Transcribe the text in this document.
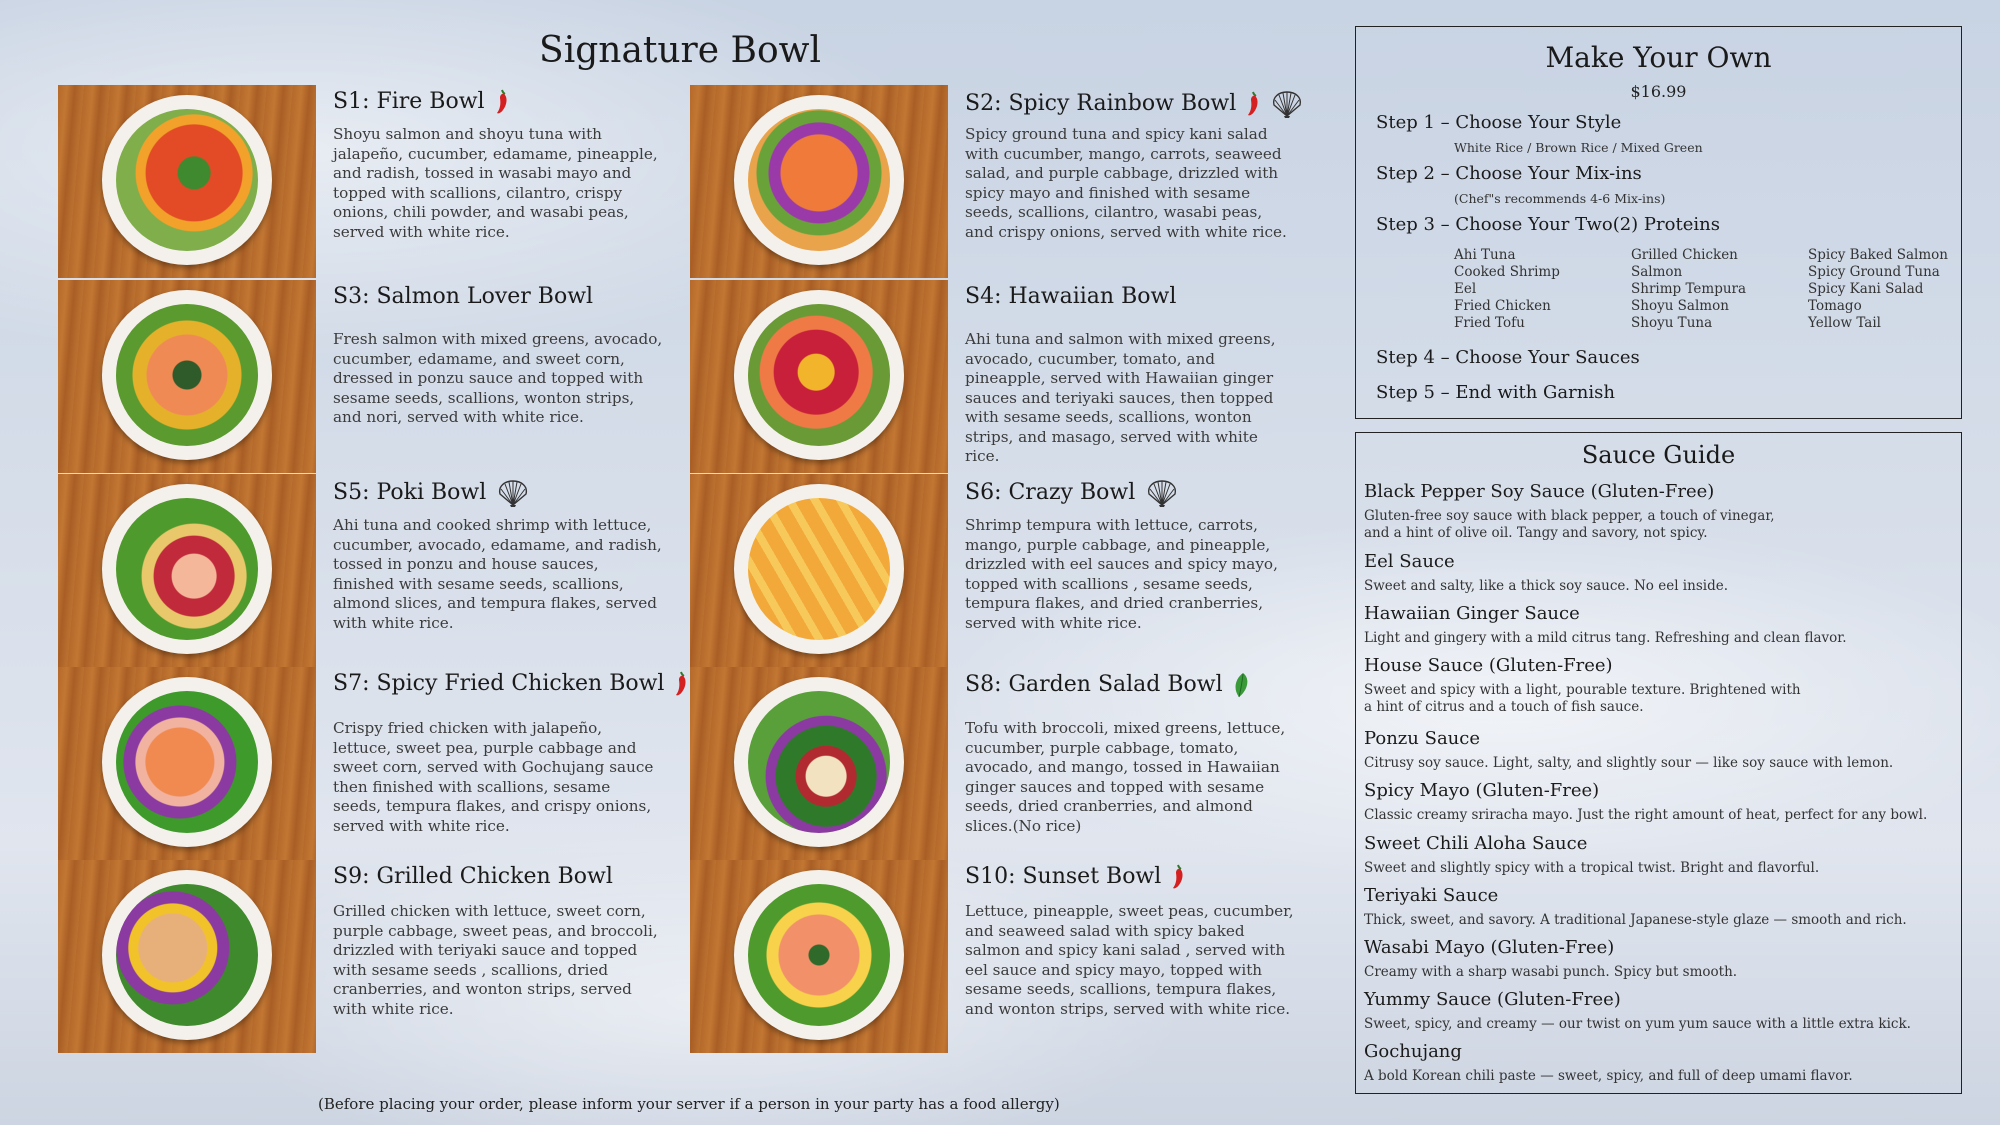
Signature Bowl
S1: Fire Bowl
Shoyu salmon and shoyu tuna with jalapeño, cucumber, edamame, pineapple, and radish, tossed in wasabi mayo and topped with scallions, cilantro, crispy onions, chili powder, and wasabi peas, served with white rice.
S2: Spicy Rainbow Bowl
Spicy ground tuna and spicy kani salad with cucumber, mango, carrots, seaweed salad, and purple cabbage, drizzled with spicy mayo and finished with sesame seeds, scallions, cilantro, wasabi peas, and crispy onions, served with white rice.
S3: Salmon Lover Bowl
Fresh salmon with mixed greens, avocado, cucumber, edamame, and sweet corn, dressed in ponzu sauce and topped with sesame seeds, scallions, wonton strips, and nori, served with white rice.
S4: Hawaiian Bowl
Ahi tuna and salmon with mixed greens, avocado, cucumber, tomato, and pineapple, served with Hawaiian ginger sauces and teriyaki sauces, then topped with sesame seeds, scallions, wonton strips, and masago, served with white rice.
S5: Poki Bowl
Ahi tuna and cooked shrimp with lettuce, cucumber, avocado, edamame, and radish, tossed in ponzu and house sauces, finished with sesame seeds, scallions, almond slices, and tempura flakes, served with white rice.
S6: Crazy Bowl
Shrimp tempura with lettuce, carrots, mango, purple cabbage, and pineapple, drizzled with eel sauces and spicy mayo, topped with scallions , sesame seeds, tempura flakes, and dried cranberries, served with white rice.
S7: Spicy Fried Chicken Bowl
Crispy fried chicken with jalapeño, lettuce, sweet pea, purple cabbage and sweet corn, served with Gochujang sauce then finished with scallions, sesame seeds, tempura flakes, and crispy onions, served with white rice.
S8: Garden Salad Bowl
Tofu with broccoli, mixed greens, lettuce, cucumber, purple cabbage, tomato, avocado, and mango, tossed in Hawaiian ginger sauces and topped with sesame seeds, dried cranberries, and almond slices.(No rice)
S9: Grilled Chicken Bowl
Grilled chicken with lettuce, sweet corn, purple cabbage, sweet peas, and broccoli, drizzled with teriyaki sauce and topped with sesame seeds , scallions, dried cranberries, and wonton strips, served with white rice.
S10: Sunset Bowl
Lettuce, pineapple, sweet peas, cucumber, and seaweed salad with spicy baked salmon and spicy kani salad , served with eel sauce and spicy mayo, topped with sesame seeds, scallions, tempura flakes, and wonton strips, served with white rice.
Make Your Own
$16.99
Step 1 – Choose Your Style
White Rice / Brown Rice / Mixed Green
Step 2 – Choose Your Mix-ins
(Chef"s recommends 4-6 Mix-ins)
Step 3 – Choose Your Two(2) Proteins
Ahi Tuna
Cooked Shrimp
Eel
Fried Chicken
Fried Tofu
Grilled Chicken
Salmon
Shrimp Tempura
Shoyu Salmon
Shoyu Tuna
Spicy Baked Salmon
Spicy Ground Tuna
Spicy Kani Salad
Tomago
Yellow Tail
Step 4 – Choose Your Sauces
Step 5 – End with Garnish
Sauce Guide
Black Pepper Soy Sauce (Gluten-Free)
Gluten-free soy sauce with black pepper, a touch of vinegar, and a hint of olive oil. Tangy and savory, not spicy.
Eel Sauce
Sweet and salty, like a thick soy sauce. No eel inside.
Hawaiian Ginger Sauce
Light and gingery with a mild citrus tang. Refreshing and clean flavor.
House Sauce (Gluten-Free)
Sweet and spicy with a light, pourable texture. Brightened with a hint of citrus and a touch of fish sauce.
Ponzu Sauce
Citrusy soy sauce. Light, salty, and slightly sour — like soy sauce with lemon.
Spicy Mayo (Gluten-Free)
Classic creamy sriracha mayo. Just the right amount of heat, perfect for any bowl.
Sweet Chili Aloha Sauce
Sweet and slightly spicy with a tropical twist. Bright and flavorful.
Teriyaki Sauce
Thick, sweet, and savory. A traditional Japanese-style glaze — smooth and rich.
Wasabi Mayo (Gluten-Free)
Creamy with a sharp wasabi punch. Spicy but smooth.
Yummy Sauce (Gluten-Free)
Sweet, spicy, and creamy — our twist on yum yum sauce with a little extra kick.
Gochujang
A bold Korean chili paste — sweet, spicy, and full of deep umami flavor.
(Before placing your order, please inform your server if a person in your party has a food allergy)
